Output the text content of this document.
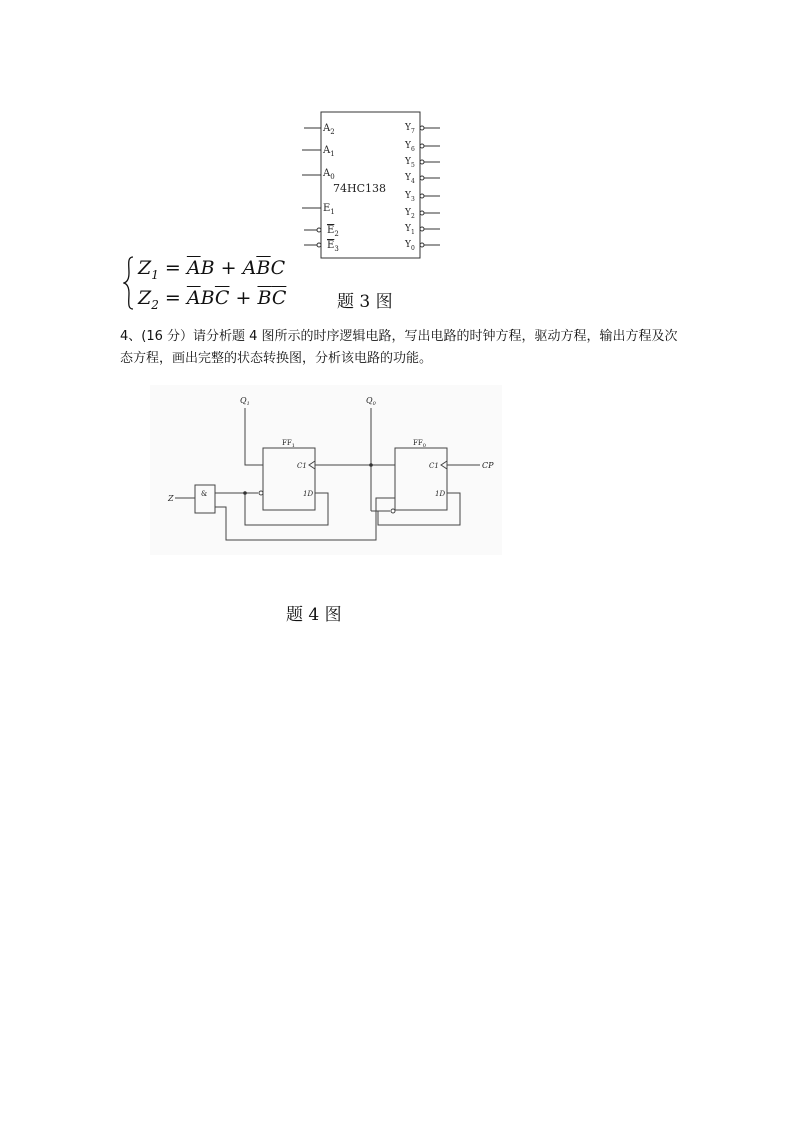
$A_2$
$A_1$
$A_0$
$E_1$
$E_2$
$E_3$
74HC138
$Y_7$
$Y_6$
$Y_5$
$Y_4$
$Y_3$
$Y_2$
$Y_1$
$Y_0$
$Z_1 = \overline{A}B + A\overline{B}C$
$Z_2 = \overline{A}B\overline{C}$ + BC	题 3 图
4、(16 分）请分析题 4 图所示的时序逻辑电路，写出电路的时钟方程，驱动方程，输出方程及次态方程，画出完整的状态转换图，分析该电路的功能。
$Q_1$	$Q_0$
Z
CP
$FF_1$	$FF_0$
C1	C1
1D	1D
&
题 4 图
